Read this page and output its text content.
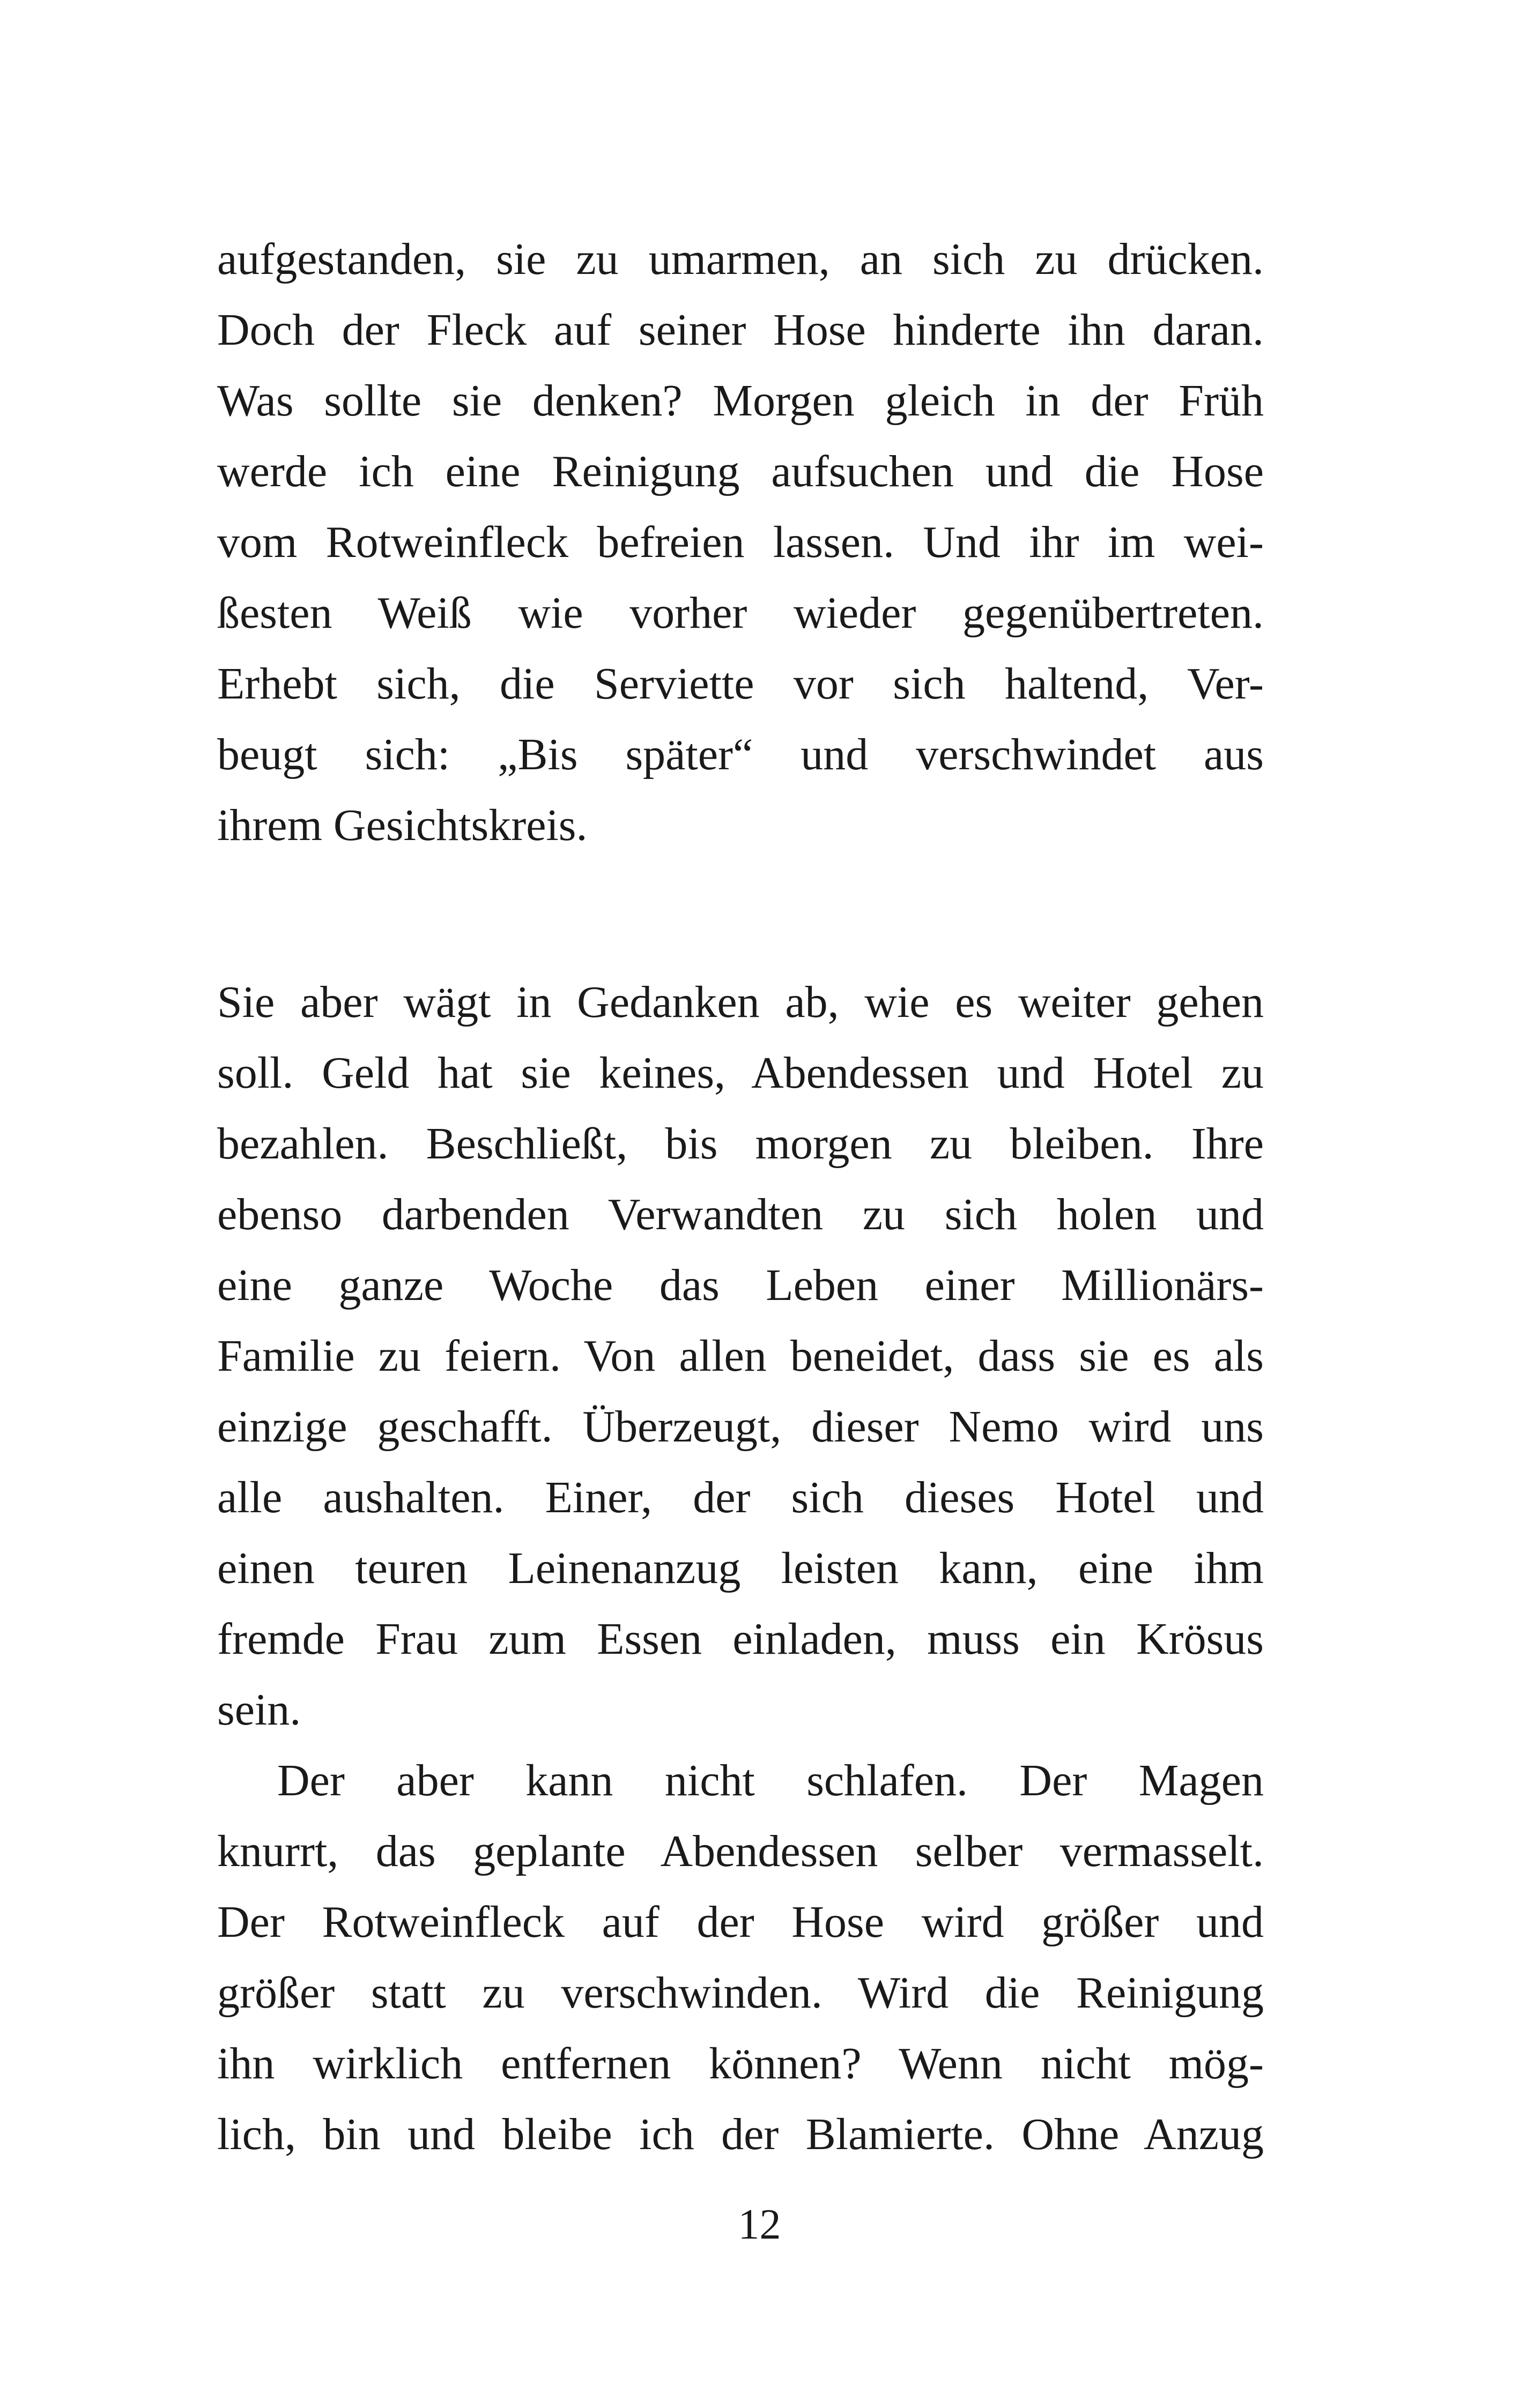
aufgestanden, sie zu umarmen, an sich zu drücken.
Doch der Fleck auf seiner Hose hinderte ihn daran.
Was sollte sie denken? Morgen gleich in der Früh
werde ich eine Reinigung aufsuchen und die Hose
vom Rotweinfleck befreien lassen. Und ihr im wei-
ßesten Weiß wie vorher wieder gegenübertreten.
Erhebt sich, die Serviette vor sich haltend, Ver-
beugt sich: „Bis später“ und verschwindet aus
ihrem Gesichtskreis.
Sie aber wägt in Gedanken ab, wie es weiter gehen
soll. Geld hat sie keines, Abendessen und Hotel zu
bezahlen. Beschließt, bis morgen zu bleiben. Ihre
ebenso darbenden Verwandten zu sich holen und
eine ganze Woche das Leben einer Millionärs-
Familie zu feiern. Von allen beneidet, dass sie es als
einzige geschafft. Überzeugt, dieser Nemo wird uns
alle aushalten. Einer, der sich dieses Hotel und
einen teuren Leinenanzug leisten kann, eine ihm
fremde Frau zum Essen einladen, muss ein Krösus
sein.
Der aber kann nicht schlafen. Der Magen
knurrt, das geplante Abendessen selber vermasselt.
Der Rotweinfleck auf der Hose wird größer und
größer statt zu verschwinden. Wird die Reinigung
ihn wirklich entfernen können? Wenn nicht mög-
lich, bin und bleibe ich der Blamierte. Ohne Anzug
12
